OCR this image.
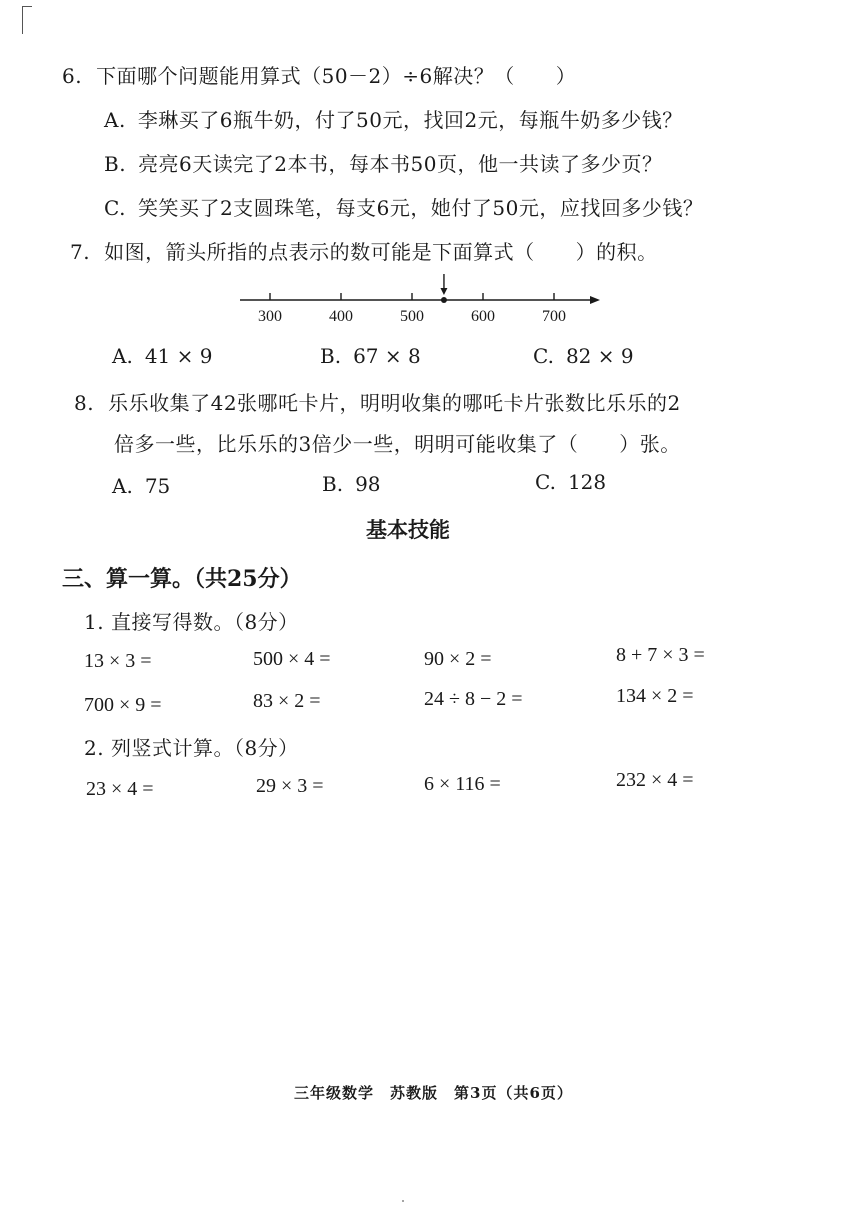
6. 下面哪个问题能用算式（50－2）÷6解决？（　　）
A. 李琳买了6瓶牛奶，付了50元，找回2元，每瓶牛奶多少钱？
B. 亮亮6天读完了2本书，每本书50页，他一共读了多少页？
C. 笑笑买了2支圆珠笔，每支6元，她付了50元，应找回多少钱？
7. 如图，箭头所指的点表示的数可能是下面算式（　　）的积。
300	400	500	600	700
A. 41 × 9	B. 67 × 8	C. 82 × 9
8. 乐乐收集了42张哪吒卡片，明明收集的哪吒卡片张数比乐乐的2
倍多一些，比乐乐的3倍少一些，明明可能收集了（　　）张。
A. 75	B. 98	C. 128
基本技能
三、算一算。（共25分）
1. 直接写得数。（8分）
13 × 3 =	500 × 4 =	90 × 2 =	8 + 7 × 3 =
700 × 9 =	83 × 2 =	24 ÷ 8 − 2 =	134 × 2 =
2. 列竖式计算。（8分）
23 × 4 =	29 × 3 =	6 × 116 =	232 × 4 =
三年级数学　苏教版　第3页（共6页）
